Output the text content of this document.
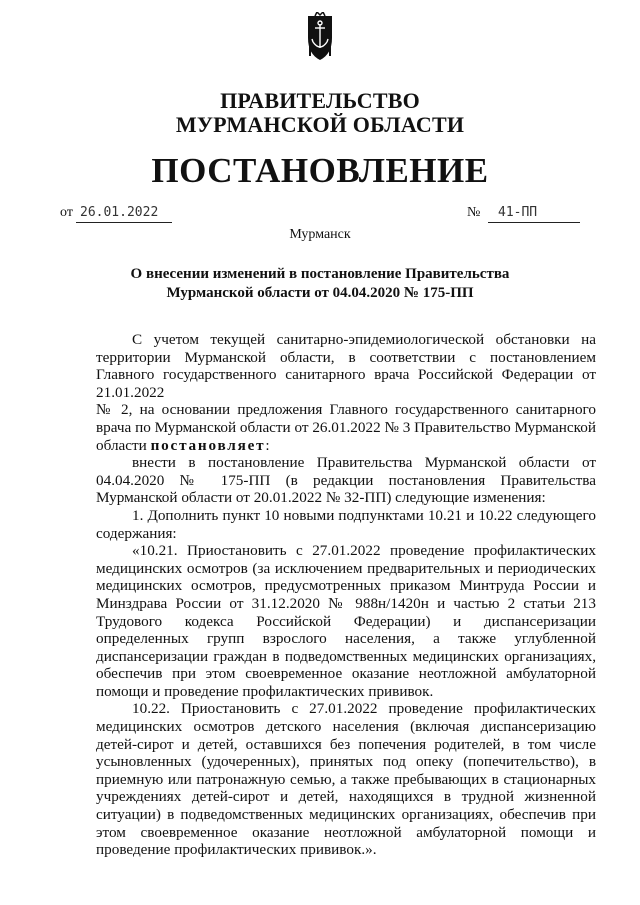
ПРАВИТЕЛЬСТВО
МУРМАНСКОЙ ОБЛАСТИ
ПОСТАНОВЛЕНИЕ
от 26.01.2022	№	41-ПП
Мурманск
О внесении изменений в постановление Правительства
Мурманской области от 04.04.2020 № 175-ПП

С учетом текущей санитарно-эпидемиологической обстановки на территории Мурманской области, в соответствии с постановлением Главного государственного санитарного врача Российской Федерации от 21.01.2022

№ 2, на основании предложения Главного государственного санитарного врача по Мурманской области от 26.01.2022 № 3 Правительство Мурманской области постановляет:

внести в постановление Правительства Мурманской области от 04.04.2020 № 175-ПП (в редакции постановления Правительства Мурманской области от 20.01.2022 № 32-ПП) следующие изменения:

1. Дополнить пункт 10 новыми подпунктами 10.21 и 10.22 следующего содержания:

«10.21. Приостановить с 27.01.2022 проведение профилактических медицинских осмотров (за исключением предварительных и периодических медицинских осмотров, предусмотренных приказом Минтруда России и Минздрава России от 31.12.2020 № 988н/1420н и частью 2 статьи 213 Трудового кодекса Российской Федерации) и диспансеризации определенных групп взрослого населения, а также углубленной диспансеризации граждан в подведомственных медицинских организациях, обеспечив при этом своевременное оказание неотложной амбулаторной помощи и проведение профилактических прививок.

10.22. Приостановить с 27.01.2022 проведение профилактических медицинских осмотров детского населения (включая диспансеризацию детей-сирот и детей, оставшихся без попечения родителей, в том числе усыновленных (удочеренных), принятых под опеку (попечительство), в приемную или патронажную семью, а также пребывающих в стационарных учреждениях детей-сирот и детей, находящихся в трудной жизненной ситуации) в подведомственных медицинских организациях, обеспечив при этом своевременное оказание неотложной амбулаторной помощи и проведение профилактических прививок.».
